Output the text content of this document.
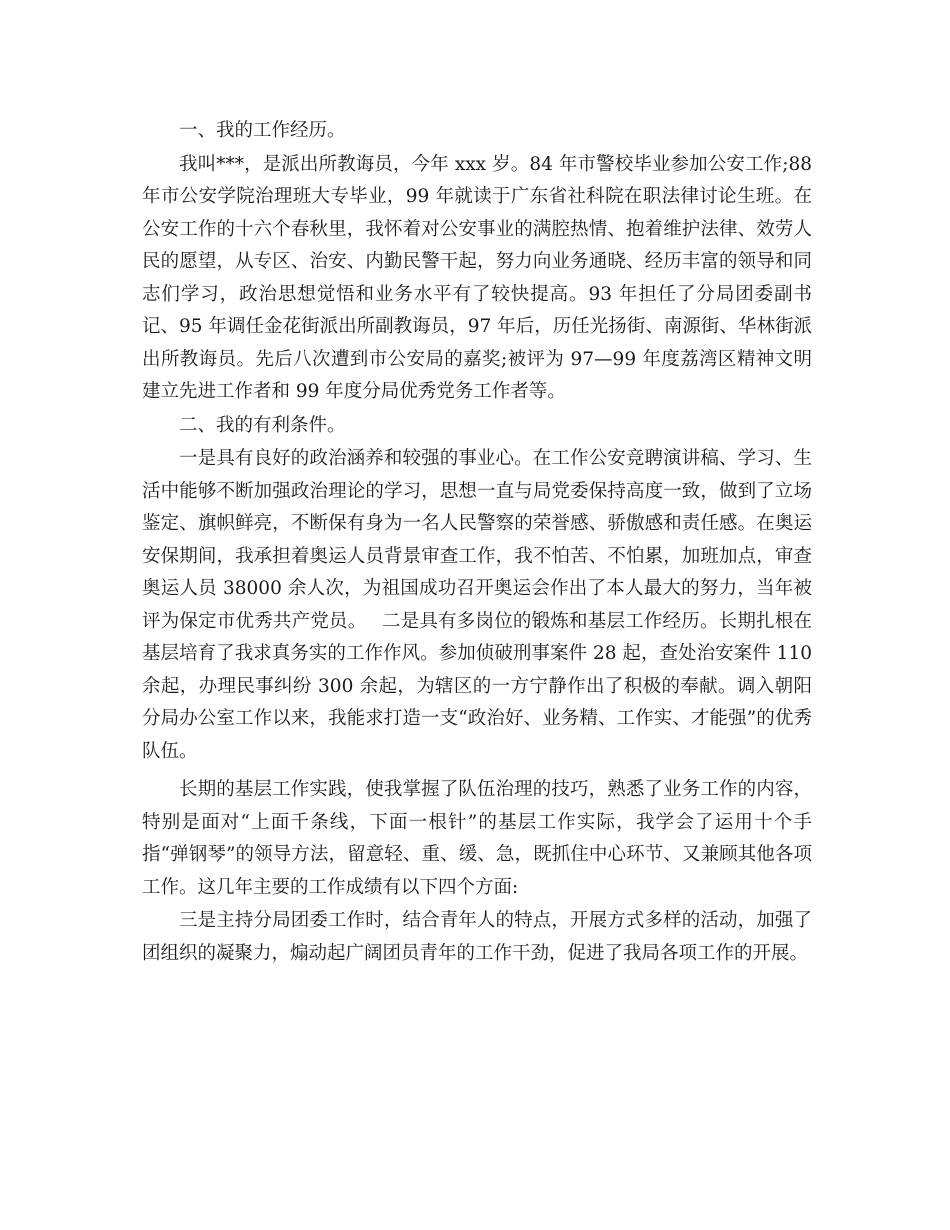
一、我的工作经历。

我叫***，是派出所教诲员，今年 xxx 岁。84 年市警校毕业参加公安工作;88 年市公安学院治理班大专毕业，99 年就读于广东省社科院在职法律讨论生班。在公安工作的十六个春秋里，我怀着对公安事业的满腔热情、抱着维护法律、效劳人民的愿望，从专区、治安、内勤民警干起，努力向业务通晓、经历丰富的领导和同志们学习，政治思想觉悟和业务水平有了较快提高。93 年担任了分局团委副书记、95 年调任金花街派出所副教诲员，97 年后，历任光扬街、南源街、华林街派出所教诲员。先后八次遭到市公安局的嘉奖;被评为 97—99 年度荔湾区精神文明建立先进工作者和 99 年度分局优秀党务工作者等。

二、我的有利条件。

一是具有良好的政治涵养和较强的事业心。在工作公安竞聘演讲稿、学习、生活中能够不断加强政治理论的学习，思想一直与局党委保持高度一致，做到了立场鉴定、旗帜鲜亮，不断保有身为一名人民警察的荣誉感、骄傲感和责任感。在奥运安保期间，我承担着奥运人员背景审查工作，我不怕苦、不怕累，加班加点，审查奥运人员 38000 余人次，为祖国成功召开奥运会作出了本人最大的努力，当年被评为保定市优秀共产党员。　 二是具有多岗位的锻炼和基层工作经历。长期扎根在基层培育了我求真务实的工作作风。参加侦破刑事案件 28 起，查处治安案件 110 余起，办理民事纠纷 300 余起，为辖区的一方宁静作出了积极的奉献。调入朝阳分局办公室工作以来，我能求打造一支“政治好、业务精、工作实、才能强”的优秀队伍。

长期的基层工作实践，使我掌握了队伍治理的技巧，熟悉了业务工作的内容，特别是面对“上面千条线，下面一根针”的基层工作实际，我学会了运用十个手指“弹钢琴”的领导方法，留意轻、重、缓、急，既抓住中心环节、又兼顾其他各项工作。这几年主要的工作成绩有以下四个方面:

三是主持分局团委工作时，结合青年人的特点，开展方式多样的活动，加强了团组织的凝聚力，煽动起广阔团员青年的工作干劲，促进了我局各项工作的开展。
